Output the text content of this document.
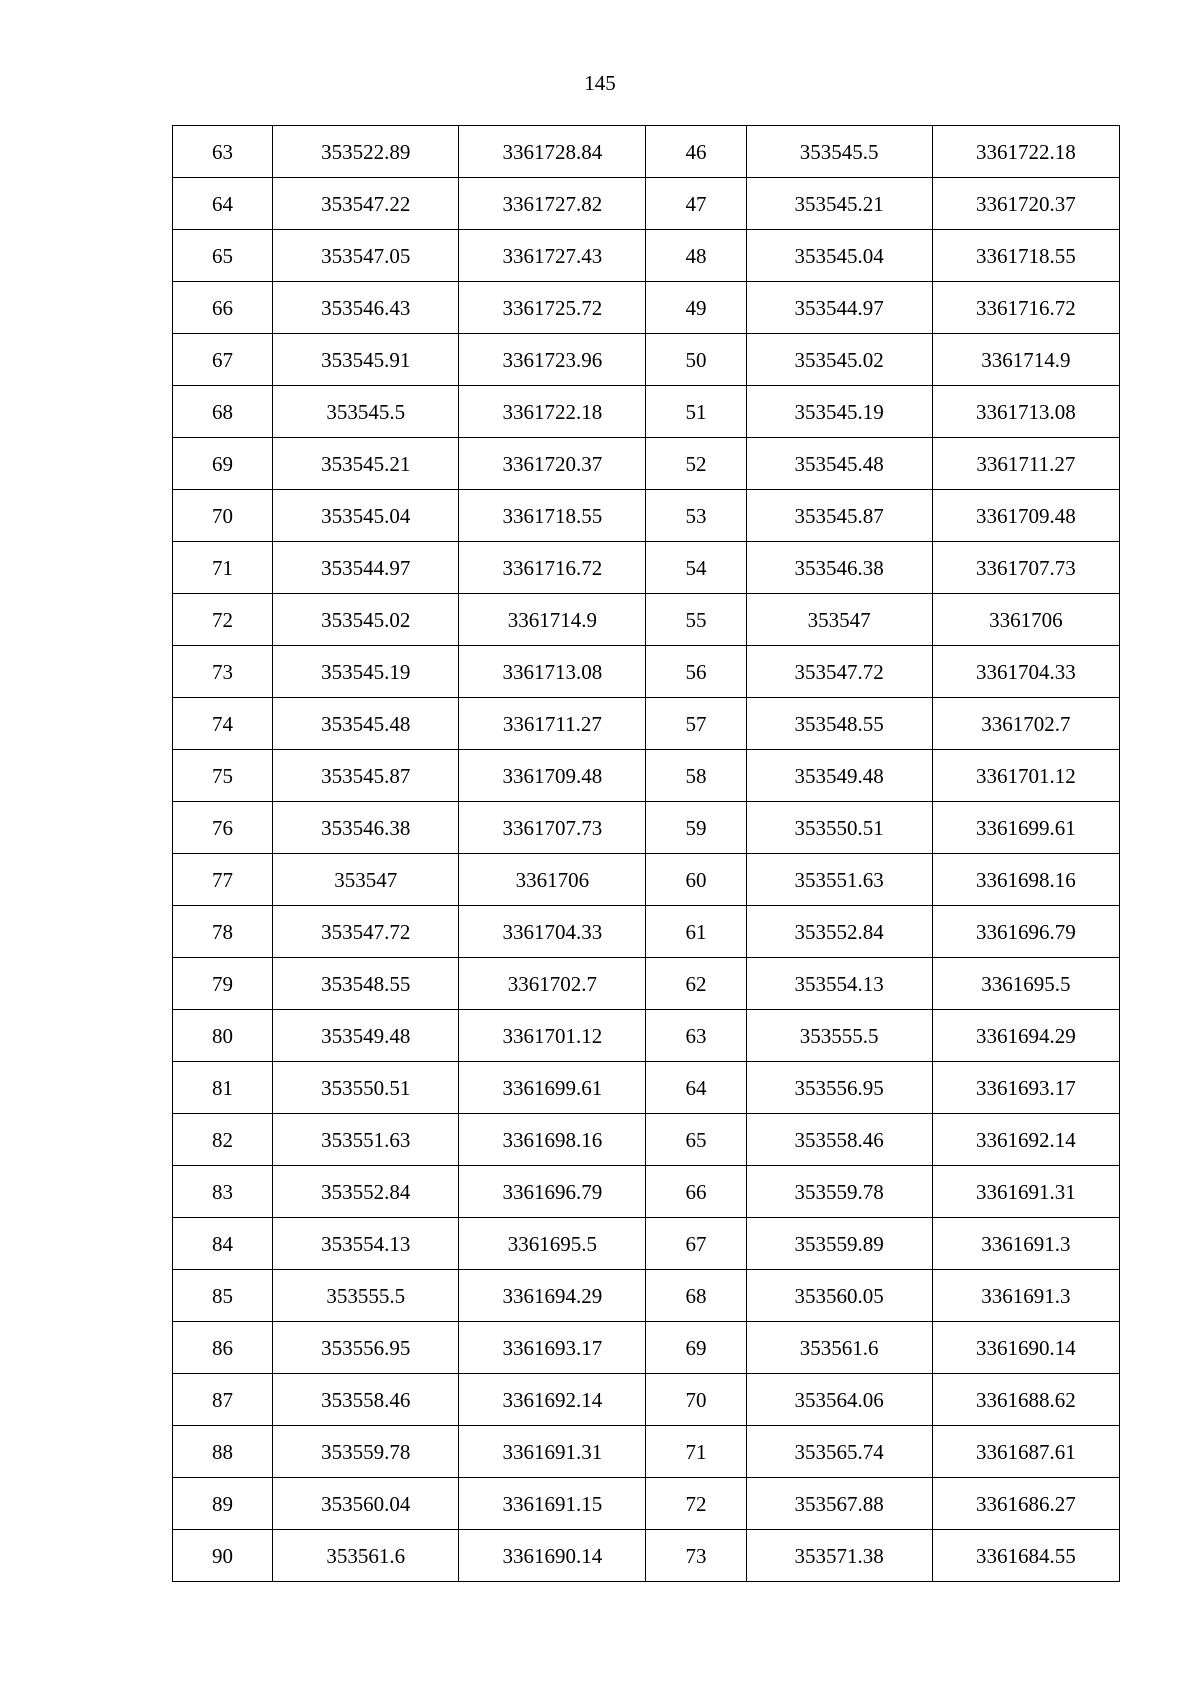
145
63	353522.89	3361728.84	46	353545.5	3361722.18
64	353547.22	3361727.82	47	353545.21	3361720.37
65	353547.05	3361727.43	48	353545.04	3361718.55
66	353546.43	3361725.72	49	353544.97	3361716.72
67	353545.91	3361723.96	50	353545.02	3361714.9
68	353545.5	3361722.18	51	353545.19	3361713.08
69	353545.21	3361720.37	52	353545.48	3361711.27
70	353545.04	3361718.55	53	353545.87	3361709.48
71	353544.97	3361716.72	54	353546.38	3361707.73
72	353545.02	3361714.9	55	353547	3361706
73	353545.19	3361713.08	56	353547.72	3361704.33
74	353545.48	3361711.27	57	353548.55	3361702.7
75	353545.87	3361709.48	58	353549.48	3361701.12
76	353546.38	3361707.73	59	353550.51	3361699.61
77	353547	3361706	60	353551.63	3361698.16
78	353547.72	3361704.33	61	353552.84	3361696.79
79	353548.55	3361702.7	62	353554.13	3361695.5
80	353549.48	3361701.12	63	353555.5	3361694.29
81	353550.51	3361699.61	64	353556.95	3361693.17
82	353551.63	3361698.16	65	353558.46	3361692.14
83	353552.84	3361696.79	66	353559.78	3361691.31
84	353554.13	3361695.5	67	353559.89	3361691.3
85	353555.5	3361694.29	68	353560.05	3361691.3
86	353556.95	3361693.17	69	353561.6	3361690.14
87	353558.46	3361692.14	70	353564.06	3361688.62
88	353559.78	3361691.31	71	353565.74	3361687.61
89	353560.04	3361691.15	72	353567.88	3361686.27
90	353561.6	3361690.14	73	353571.38	3361684.55
